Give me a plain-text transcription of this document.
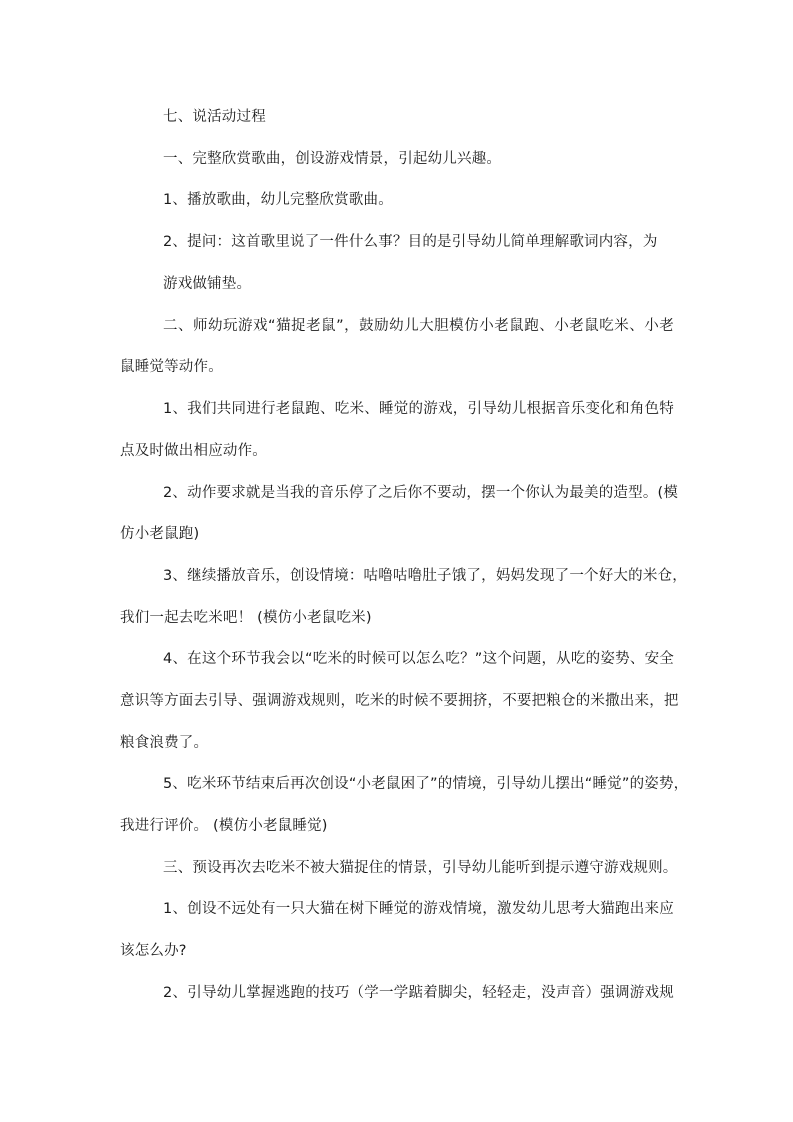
七、说活动过程
一、完整欣赏歌曲，创设游戏情景，引起幼儿兴趣。
1、播放歌曲，幼儿完整欣赏歌曲。
2、提问：这首歌里说了一件什么事？目的是引导幼儿简单理解歌词内容，为
游戏做铺垫。
二、师幼玩游戏“猫捉老鼠”，鼓励幼儿大胆模仿小老鼠跑、小老鼠吃米、小老
鼠睡觉等动作。
1、我们共同进行老鼠跑、吃米、睡觉的游戏，引导幼儿根据音乐变化和角色特
点及时做出相应动作。
2、动作要求就是当我的音乐停了之后你不要动，摆一个你认为最美的造型。(模
仿小老鼠跑)
3、继续播放音乐，创设情境：咕噜咕噜肚子饿了，妈妈发现了一个好大的米仓，
我们一起去吃米吧！ (模仿小老鼠吃米)
4、在这个环节我会以“吃米的时候可以怎么吃？”这个问题，从吃的姿势、安全
意识等方面去引导、强调游戏规则，吃米的时候不要拥挤，不要把粮仓的米撒出来，把
粮食浪费了。
5、吃米环节结束后再次创设“小老鼠困了”的情境，引导幼儿摆出“睡觉”的姿势，
我进行评价。 (模仿小老鼠睡觉)
三、预设再次去吃米不被大猫捉住的情景，引导幼儿能听到提示遵守游戏规则。
1、创设不远处有一只大猫在树下睡觉的游戏情境，激发幼儿思考大猫跑出来应
该怎么办?
2、引导幼儿掌握逃跑的技巧（学一学踮着脚尖，轻轻走，没声音）强调游戏规
